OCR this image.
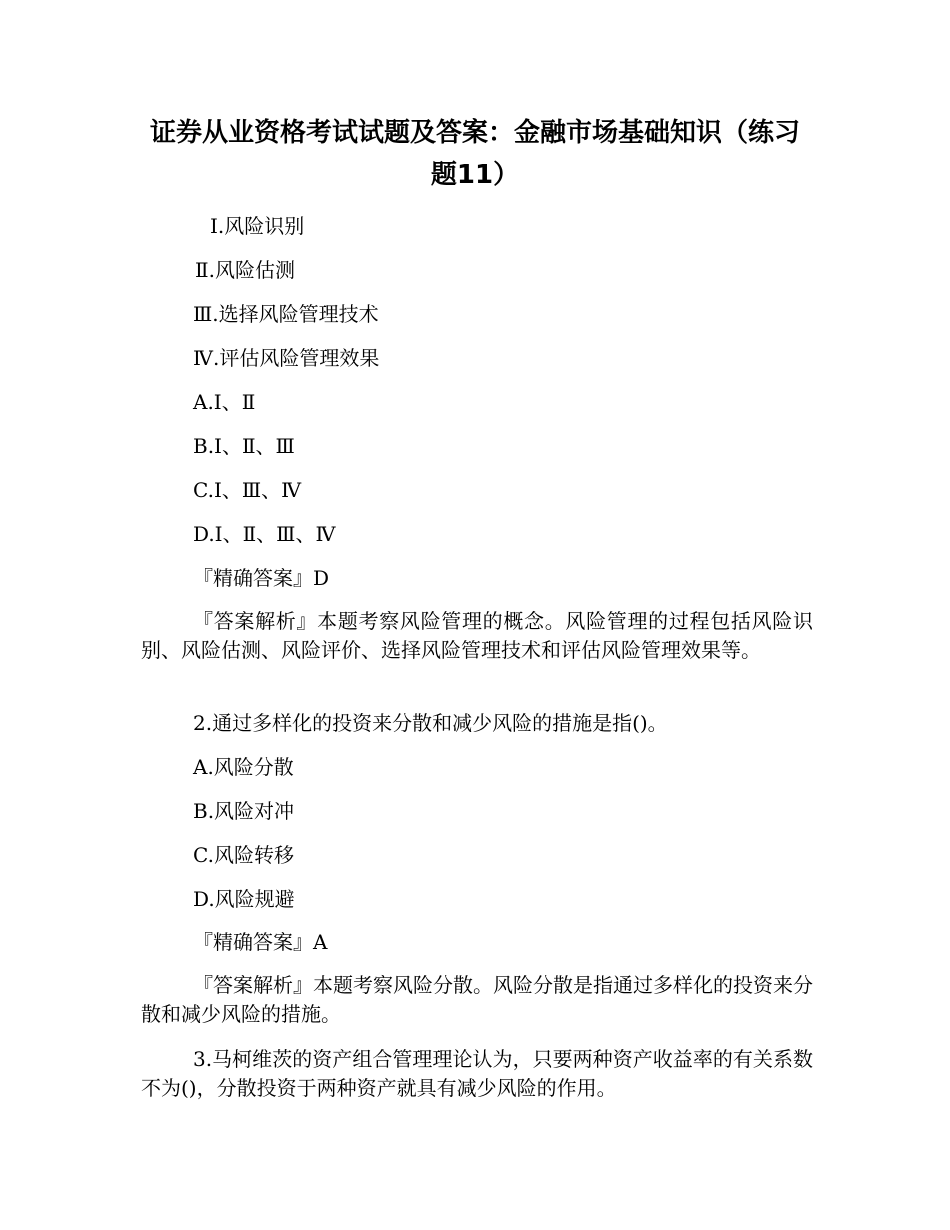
证券从业资格考试试题及答案：金融市场基础知识（练习题11）

Ⅰ.风险识别

Ⅱ.风险估测

Ⅲ.选择风险管理技术

Ⅳ.评估风险管理效果

A.Ⅰ、Ⅱ

B.Ⅰ、Ⅱ、Ⅲ

C.Ⅰ、Ⅲ、Ⅳ

D.Ⅰ、Ⅱ、Ⅲ、Ⅳ

『精确答案』D

『答案解析』本题考察风险管理的概念。风险管理的过程包括风险识别、风险估测、风险评价、选择风险管理技术和评估风险管理效果等。

2.通过多样化的投资来分散和减少风险的措施是指()。

A.风险分散

B.风险对冲

C.风险转移

D.风险规避

『精确答案』A

『答案解析』本题考察风险分散。风险分散是指通过多样化的投资来分散和减少风险的措施。

3.马柯维茨的资产组合管理理论认为，只要两种资产收益率的有关系数不为()，分散投资于两种资产就具有减少风险的作用。
